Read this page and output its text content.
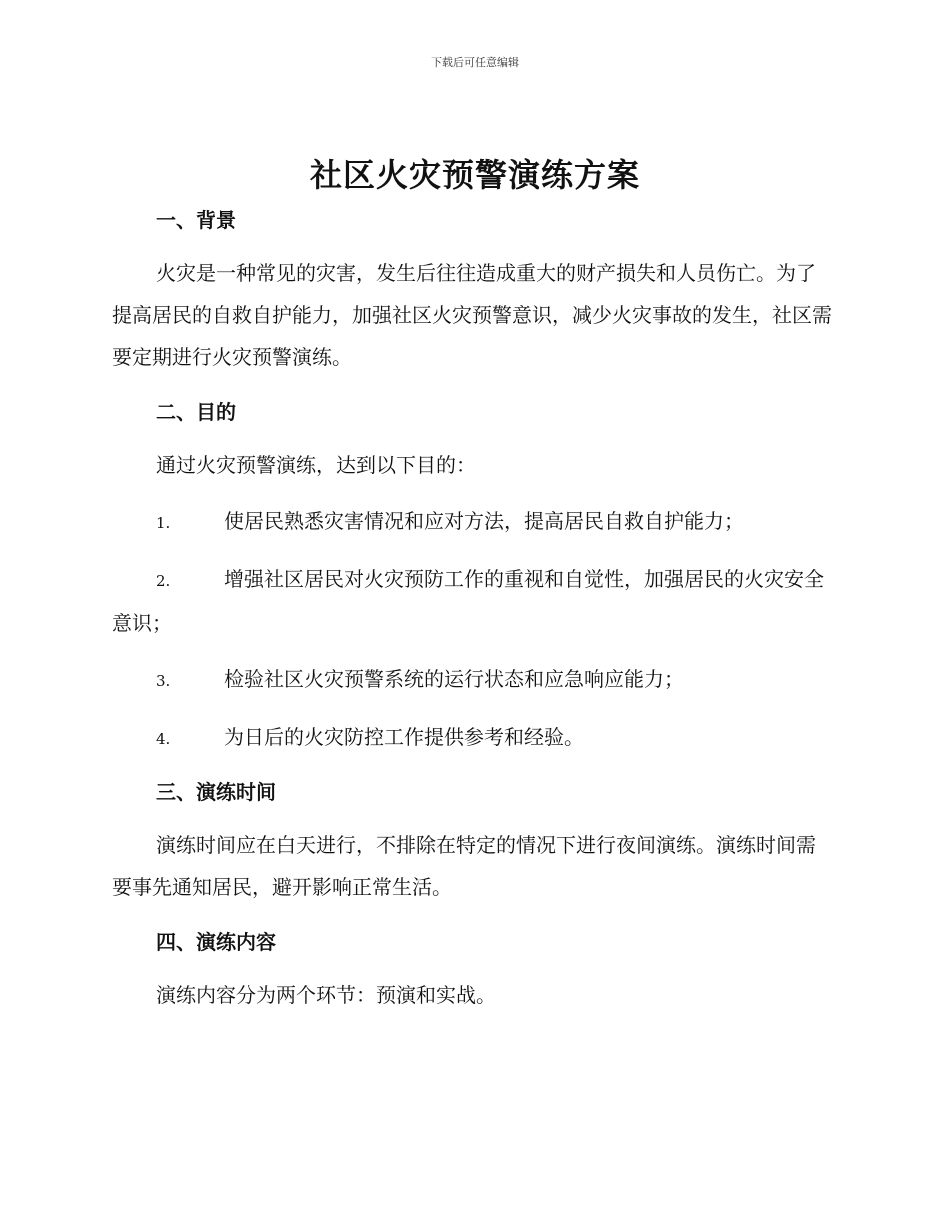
下载后可任意编辑
社区火灾预警演练方案

一、背景

火灾是一种常见的灾害，发生后往往造成重大的财产损失和人员伤亡。为了提高居民的自救自护能力，加强社区火灾预警意识，减少火灾事故的发生，社区需要定期进行火灾预警演练。

二、目的

通过火灾预警演练，达到以下目的：

1.	使居民熟悉灾害情况和应对方法，提高居民自救自护能力；

2.	增强社区居民对火灾预防工作的重视和自觉性，加强居民的火灾安全意识；

3.	检验社区火灾预警系统的运行状态和应急响应能力；

4.	为日后的火灾防控工作提供参考和经验。

三、演练时间

演练时间应在白天进行，不排除在特定的情况下进行夜间演练。演练时间需要事先通知居民，避开影响正常生活。

四、演练内容

演练内容分为两个环节：预演和实战。
